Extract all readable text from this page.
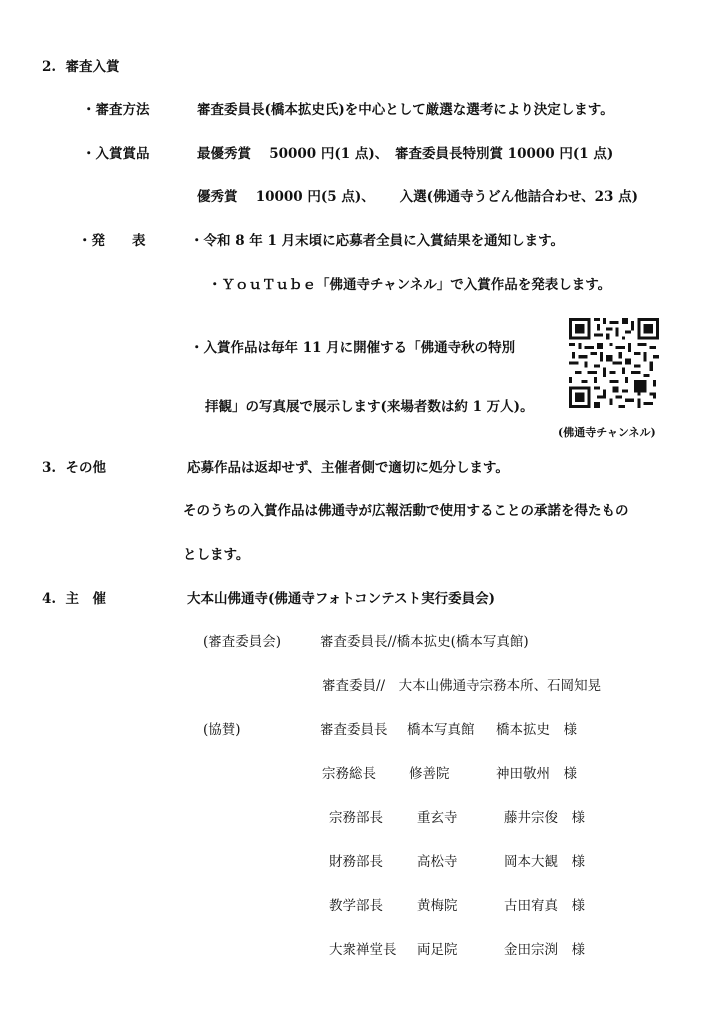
2.  審査入賞
・審査方法	審査委員長(橋本拡史氏)を中心として厳選な選考により決定します。
・入賞賞品	最優秀賞　 50000 円(1 点)、　審査委員長特別賞 10000 円(1 点)
優秀賞　 10000 円(5 点)、　　 入選(佛通寺うどん他詰合わせ、23 点)
・発　　表	・令和 8 年 1 月末頃に応募者全員に入賞結果を通知します。
・ＹｏｕＴｕｂｅ「佛通寺チャンネル」で入賞作品を発表します。
・入賞作品は毎年 11 月に開催する「佛通寺秋の特別
拝観」の写真展で展示します(来場者数は約 1 万人)。
(佛通寺チャンネル)
3.  その他	応募作品は返却せず、主催者側で適切に処分します。
そのうちの入賞作品は佛通寺が広報活動で使用することの承諾を得たもの
とします。
4.  主　催	大本山佛通寺(佛通寺フォトコンテスト実行委員会)
(審査委員会)	審査委員長//橋本拡史(橋本写真館)
審査委員//　大本山佛通寺宗務本所、石岡知晃
(協賛)	審査委員長 橋本写真館 橋本拡史　様
宗務総長 修善院	神田敬州　様
宗務部長	重玄寺	藤井宗俊　様
財務部長	高松寺	岡本大観　様
教学部長	黄梅院	古田宥真　様
大衆禅堂長 両足院	金田宗渕　様
